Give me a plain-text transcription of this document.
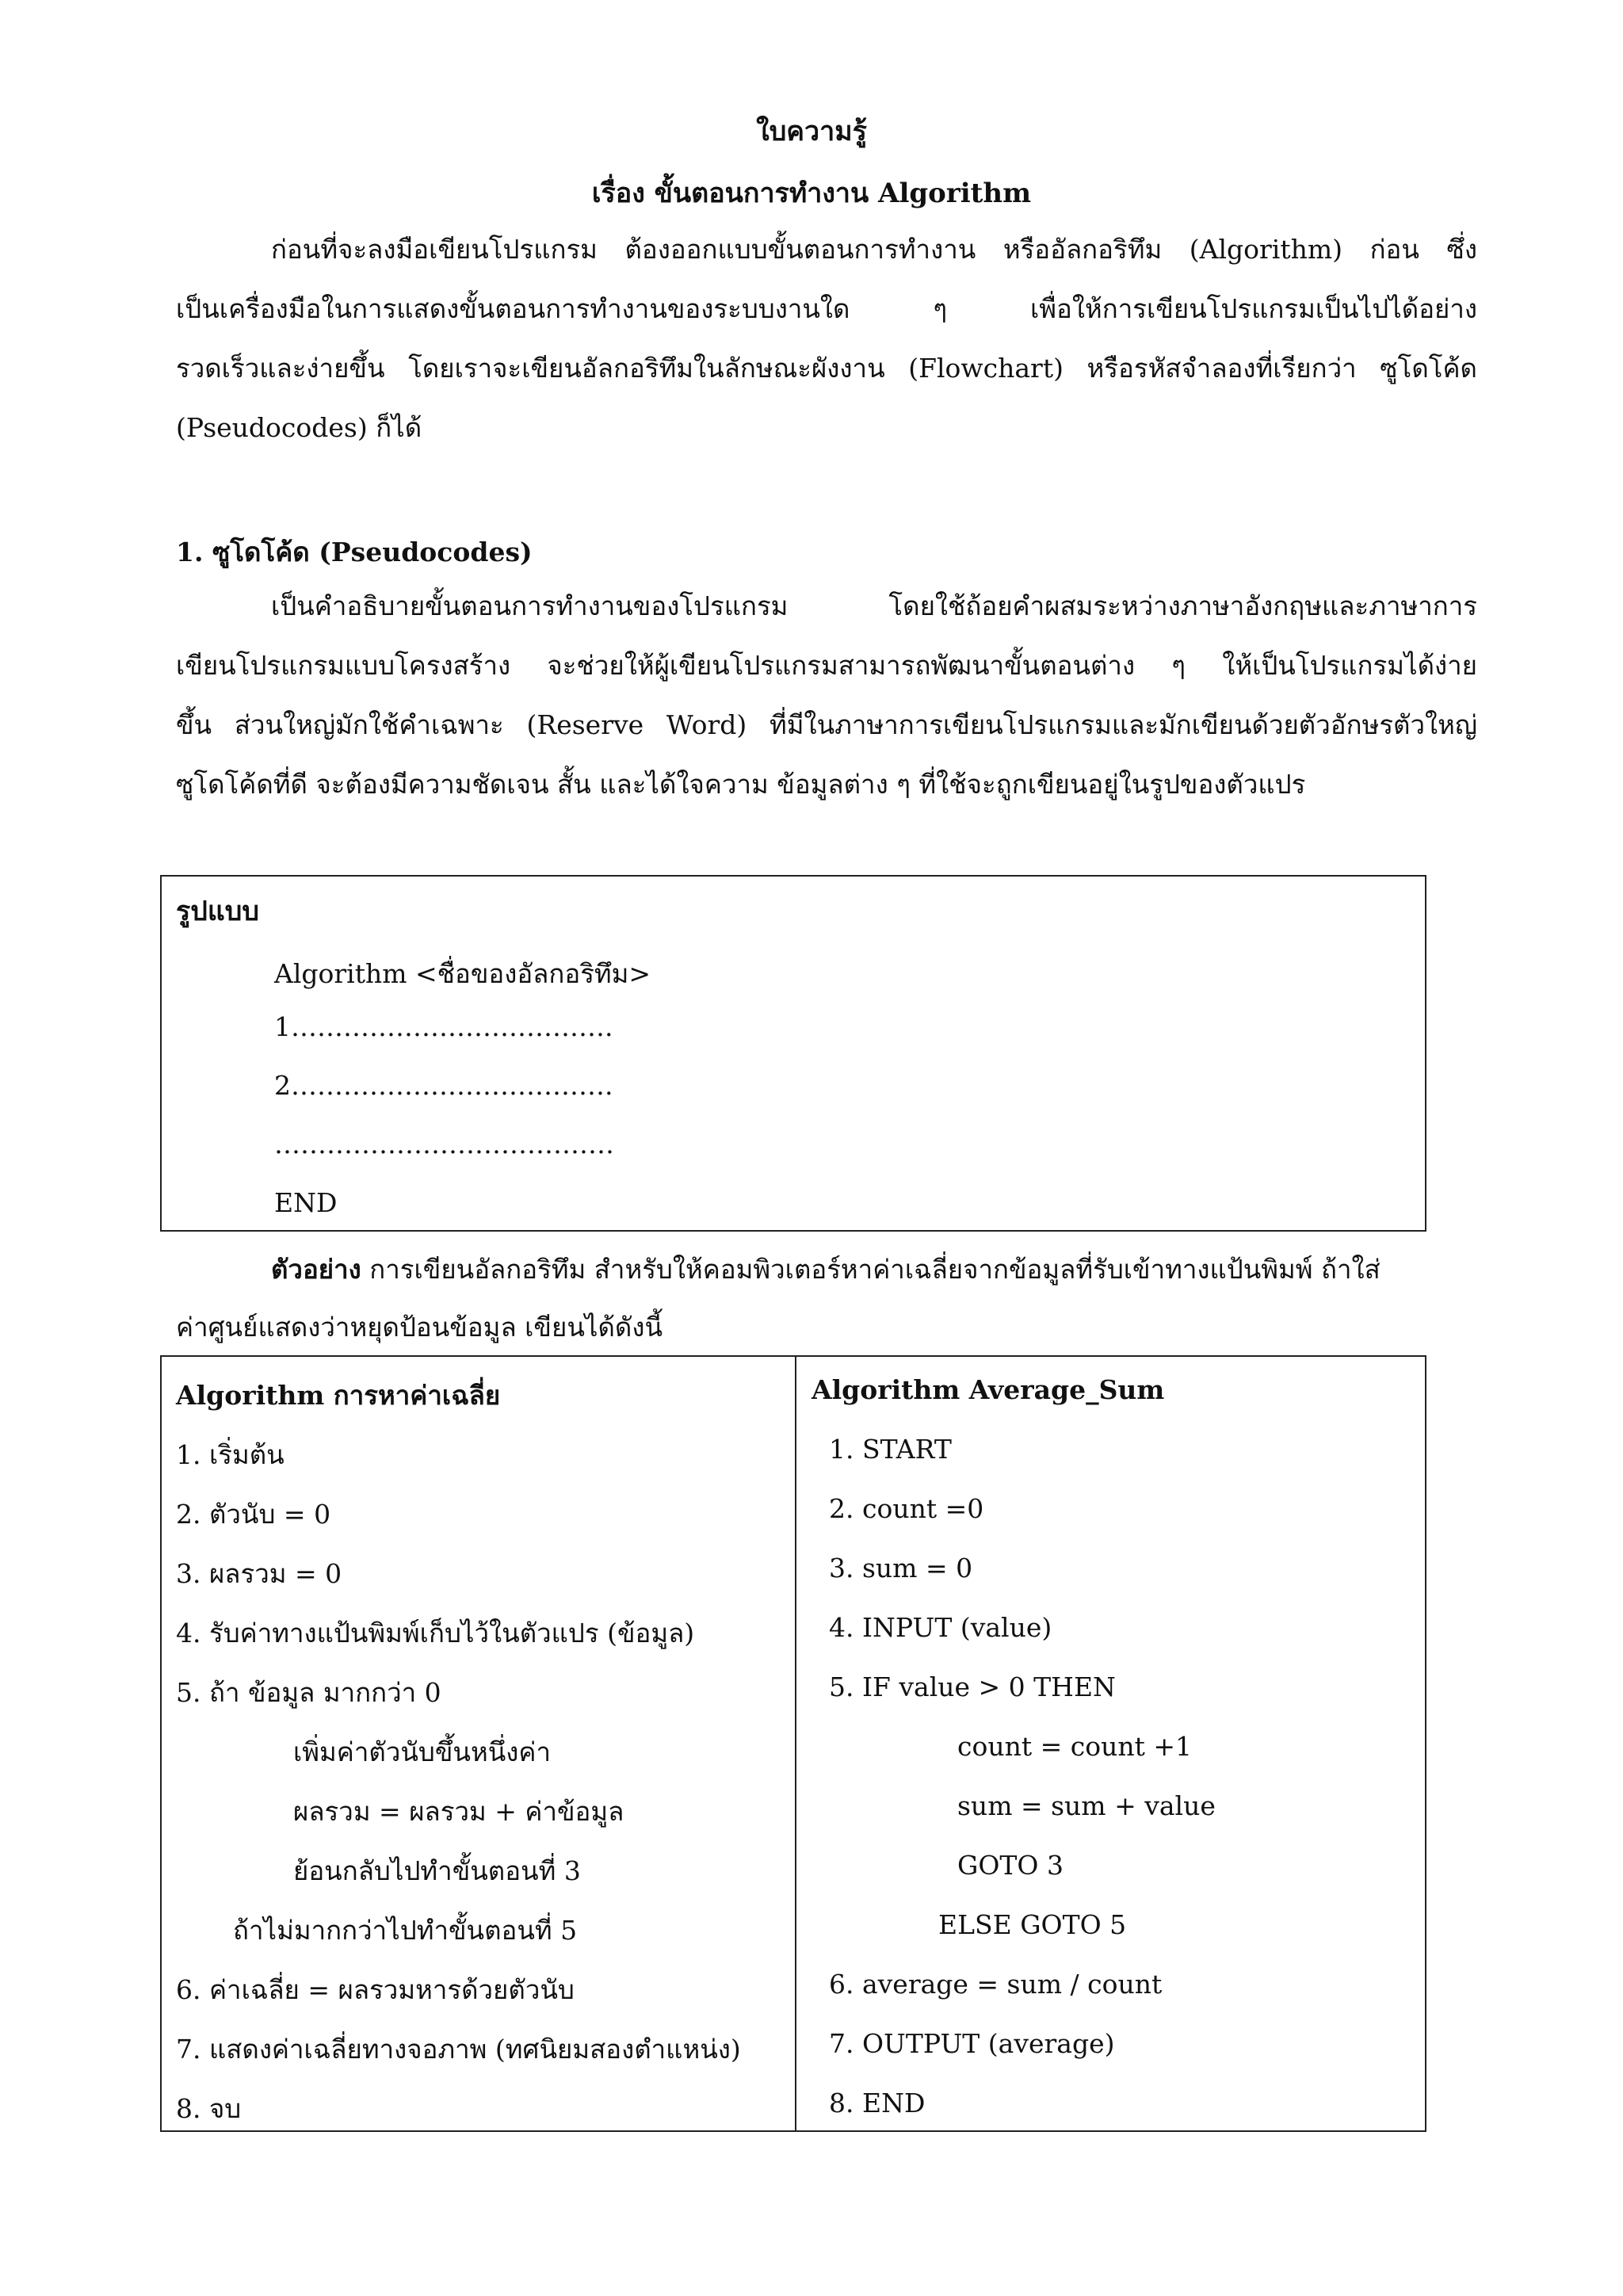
ใบความรู้
เรื่อง ขั้นตอนการทำงาน Algorithm
ก่อนที่จะลงมือเขียนโปรแกรม ต้องออกแบบขั้นตอนการทำงาน หรืออัลกอริทึม (Algorithm) ก่อน ซึ่ง
เป็นเครื่องมือในการแสดงขั้นตอนการทำงานของระบบงานใด ๆ เพื่อให้การเขียนโปรแกรมเป็นไปได้อย่าง
รวดเร็วและง่ายขึ้น โดยเราจะเขียนอัลกอริทึมในลักษณะผังงาน (Flowchart) หรือรหัสจำลองที่เรียกว่า ซูโดโค้ด
(Pseudocodes) ก็ได้
1. ซูโดโค้ด (Pseudocodes)
เป็นคำอธิบายขั้นตอนการทำงานของโปรแกรม โดยใช้ถ้อยคำผสมระหว่างภาษาอังกฤษและภาษาการ
เขียนโปรแกรมแบบโครงสร้าง จะช่วยให้ผู้เขียนโปรแกรมสามารถพัฒนาขั้นตอนต่าง ๆ ให้เป็นโปรแกรมได้ง่าย
ขึ้น ส่วนใหญ่มักใช้คำเฉพาะ (Reserve Word) ที่มีในภาษาการเขียนโปรแกรมและมักเขียนด้วยตัวอักษรตัวใหญ่
ซูโดโค้ดที่ดี จะต้องมีความชัดเจน สั้น และได้ใจความ ข้อมูลต่าง ๆ ที่ใช้จะถูกเขียนอยู่ในรูปของตัวแปร
รูปแบบ
Algorithm <ชื่อของอัลกอริทึม>
1……………………………….
2……………………………….
…………………………………
END
ตัวอย่าง การเขียนอัลกอริทึม สำหรับให้คอมพิวเตอร์หาค่าเฉลี่ยจากข้อมูลที่รับเข้าทางแป้นพิมพ์ ถ้าใส่
ค่าศูนย์แสดงว่าหยุดป้อนข้อมูล เขียนได้ดังนี้
Algorithm การหาค่าเฉลี่ย
1. เริ่มต้น
2. ตัวนับ = 0
3. ผลรวม = 0
4. รับค่าทางแป้นพิมพ์เก็บไว้ในตัวแปร (ข้อมูล)
5. ถ้า ข้อมูล มากกว่า 0
เพิ่มค่าตัวนับขึ้นหนึ่งค่า
ผลรวม = ผลรวม + ค่าข้อมูล
ย้อนกลับไปทำขั้นตอนที่ 3
ถ้าไม่มากกว่าไปทำขั้นตอนที่ 5
6. ค่าเฉลี่ย = ผลรวมหารด้วยตัวนับ
7. แสดงค่าเฉลี่ยทางจอภาพ (ทศนิยมสองตำแหน่ง)
8. จบ
Algorithm Average_Sum
1. START
2. count =0
3. sum = 0
4. INPUT (value)
5. IF value > 0 THEN
count = count +1
sum = sum + value
GOTO 3
ELSE GOTO 5
6. average = sum / count
7. OUTPUT (average)
8. END
